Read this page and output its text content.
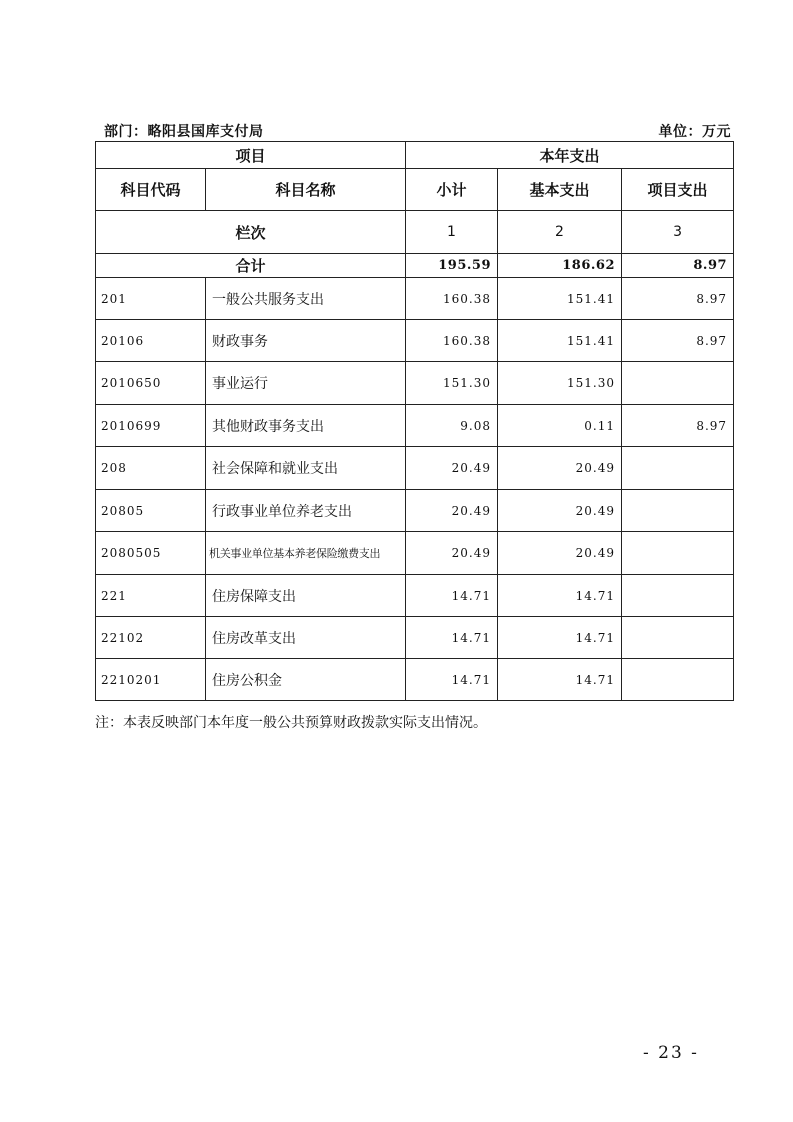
部门：略阳县国库支付局	单位：万元
项目		本年支出		
科目代码	科目名称	小计	基本支出	项目支出
栏次		1	2	3
合计		195.59	186.62	8.97
201	一般公共服务支出	160.38	151.41	8.97
20106	财政事务	160.38	151.41	8.97
2010650	事业运行	151.30	151.30	
2010699	其他财政事务支出	9.08	0.11	8.97
208	社会保障和就业支出	20.49	20.49	
20805	行政事业单位养老支出	20.49	20.49	
2080505	机关事业单位基本养老保险缴费支出	20.49	20.49	
221	住房保障支出	14.71	14.71	
22102	住房改革支出	14.71	14.71	
2210201	住房公积金	14.71	14.71	
注：本表反映部门本年度一般公共预算财政拨款实际支出情况。
- 23 -
